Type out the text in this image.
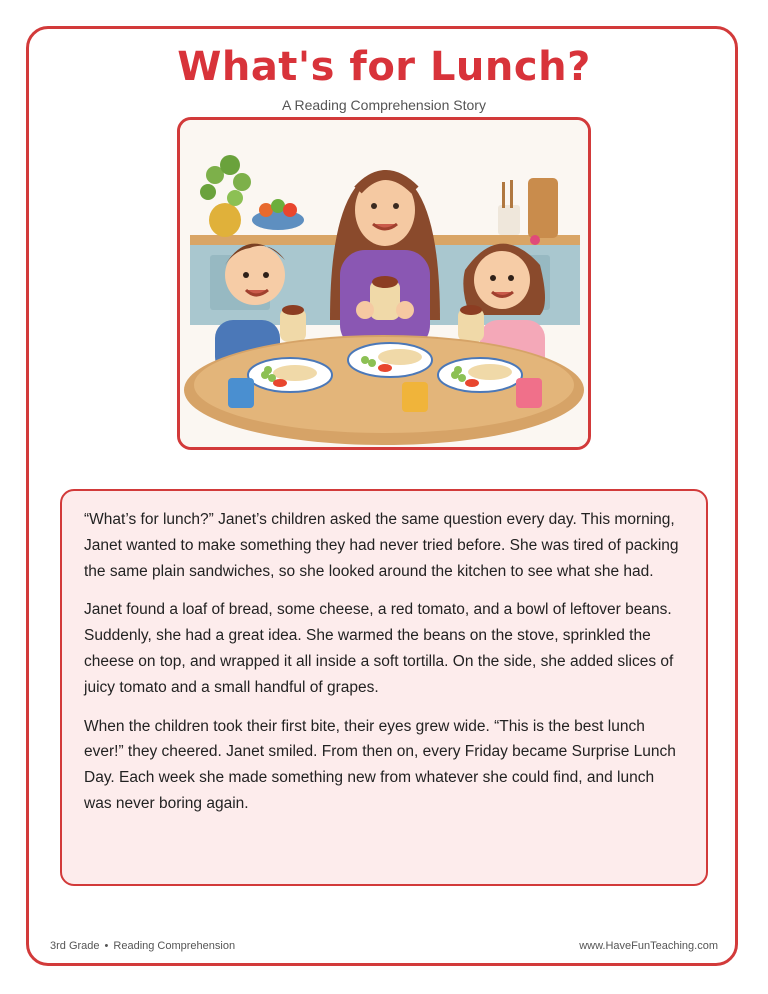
What's for Lunch?
A Reading Comprehension Story

“What’s for lunch?” Janet’s children asked the same question every day. This morning, Janet wanted to make something they had never tried before. She was tired of packing the same plain sandwiches, so she looked around the kitchen to see what she had.

Janet found a loaf of bread, some cheese, a red tomato, and a bowl of leftover beans. Suddenly, she had a great idea. She warmed the beans on the stove, sprinkled the cheese on top, and wrapped it all inside a soft tortilla. On the side, she added slices of juicy tomato and a small handful of grapes.

When the children took their first bite, their eyes grew wide. “This is the best lunch ever!” they cheered. Janet smiled. From then on, every Friday became Surprise Lunch Day. Each week she made something new from whatever she could find, and lunch was never boring again.

3rd Grade • Reading Comprehension	www.HaveFunTeaching.com
